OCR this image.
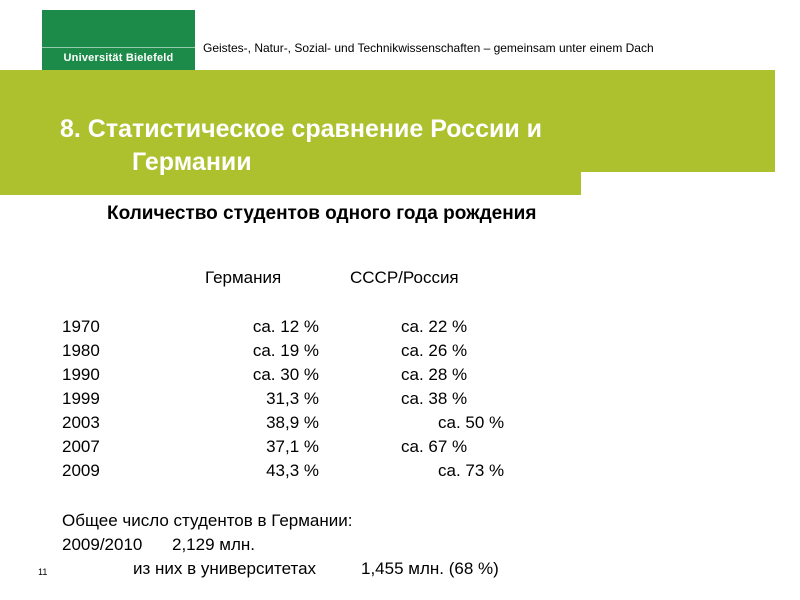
Universität Bielefeld
Geistes-, Natur-, Sozial- und Technikwissenschaften – gemeinsam unter einem Dach
8. Статистическое сравнение России и
Германии
Количество студентов одного года рождения
Германия	СССР/Россия
1970	ca. 12 %	ca. 22 %
1980	ca. 19 %	ca. 26 %
1990	ca. 30 %	ca. 28 %
1999	31,3 %	ca. 38 %
2003	38,9 %	ca. 50 %
2007	37,1 %	ca. 67 %
2009	43,3 %	ca. 73 %
Общее число студентов в Германии:
2009/2010 2,129 млн.
из них в университетах	1,455 млн. (68 %)
11
